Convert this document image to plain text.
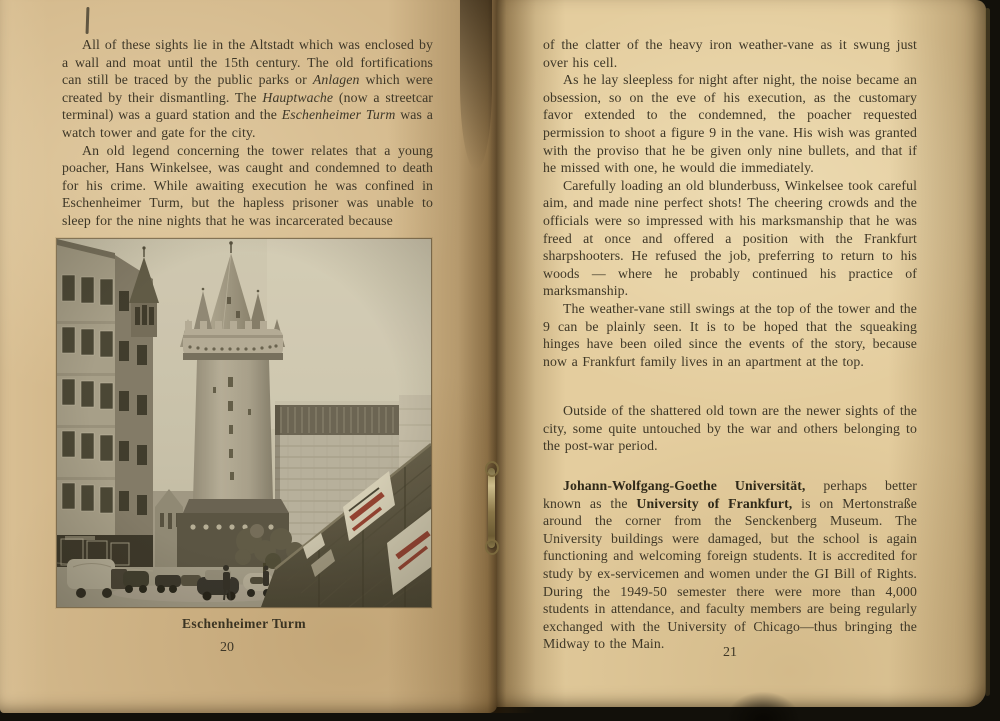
All of these sights lie in the Altstadt which was enclosed by a wall and moat until the 15th century. The old fortifications can still be traced by the public parks or Anlagen which were created by their dismantling. The Hauptwache (now a streetcar terminal) was a guard station and the Eschenheimer Turm was a watch tower and gate for the city.

An old legend concerning the tower relates that a young poacher, Hans Winkelsee, was caught and condemned to death for his crime. While awaiting execution he was confined in Eschenheimer Turm, but the hapless prisoner was unable to sleep for the nine nights that he was incarcerated because

Eschenheimer Turm
20

of the clatter of the heavy iron weather-vane as it swung just over his cell.

As he lay sleepless for night after night, the noise became an obsession, so on the eve of his execution, as the customary favor extended to the condemned, the poacher requested permission to shoot a figure 9 in the vane. His wish was granted with the proviso that he be given only nine bullets, and that if he missed with one, he would die immediately.

Carefully loading an old blunderbuss, Winkelsee took careful aim, and made nine perfect shots! The cheering crowds and the officials were so impressed with his marksmanship that he was freed at once and offered a position with the Frankfurt sharpshooters. He refused the job, preferring to return to his woods — where he probably continued his practice of marksmanship.

The weather-vane still swings at the top of the tower and the 9 can be plainly seen. It is to be hoped that the squeaking hinges have been oiled since the events of the story, because now a Frankfurt family lives in an apartment at the top.

Outside of the shattered old town are the newer sights of the city, some quite untouched by the war and others belonging to the post-war period.

Johann-Wolfgang-Goethe Universität, perhaps better known as the University of Frankfurt, is on Mertonstraße around the corner from the Senckenberg Museum. The University buildings were damaged, but the school is again functioning and welcoming foreign students. It is accredited for study by ex-servicemen and women under the GI Bill of Rights. During the 1949-50 semester there were more than 4,000 students in attendance, and faculty members are being regularly exchanged with the University of Chicago—thus bringing the Midway to the Main.

21
